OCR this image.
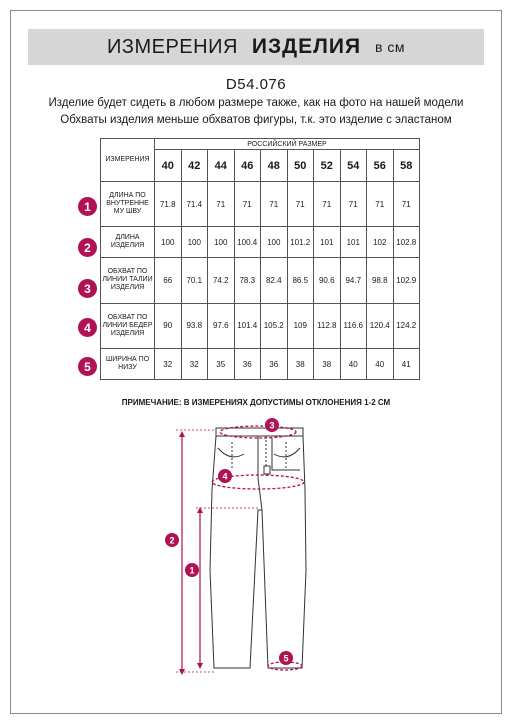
ИЗМЕРЕНИЯ ИЗДЕЛИЯ в см
D54.076
Изделие будет сидеть в любом размере также, как на фото на нашей модели
Обхваты изделия меньше обхватов фигуры, т.к. это изделие с эластаном
ИЗМЕРЕНИЯ	РОССИЙСКИЙ РАЗМЕР									
	40	42	44	46	48	50	52	54	56	58
ДЛИНА ПО ВНУТРЕННЕ МУ ШВУ	71.8	71.4	71	71	71	71	71	71	71	71
ДЛИНА ИЗДЕЛИЯ	100	100	100	100.4	100	101.2	101	101	102	102.8
ОБХВАТ ПО ЛИНИИ ТАЛИИ ИЗДЕЛИЯ	66	70.1	74.2	78.3	82.4	86.5	90.6	94.7	98.8	102.9
ОБХВАТ ПО ЛИНИИ БЕДЕР ИЗДЕЛИЯ	90	93.8	97.6	101.4	105.2	109	112.8	116.6	120.4	124.2
ШИРИНА ПО НИЗУ	32	32	35	36	36	38	38	40	40	41
1
2
3
4
5
ПРИМЕЧАНИЕ: В ИЗМЕРЕНИЯХ ДОПУСТИМЫ ОТКЛОНЕНИЯ 1-2 СМ
1
2
3
4
5
